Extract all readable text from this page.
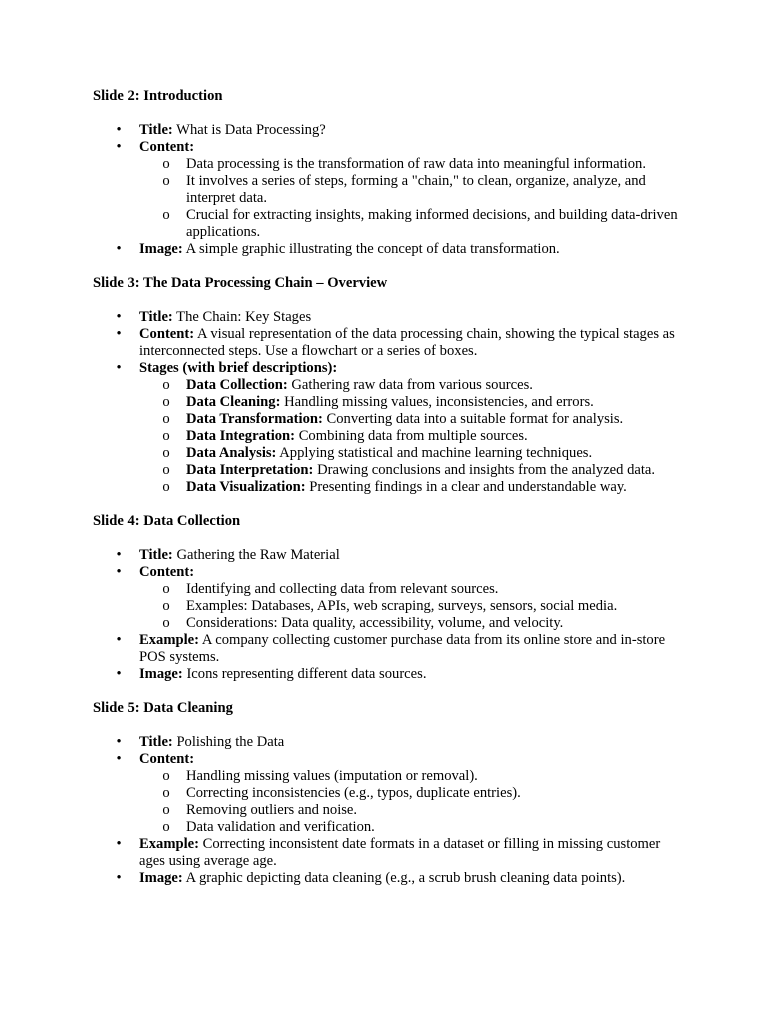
Slide 2: Introduction
• Title: What is Data Processing?
• Content:
o Data processing is the transformation of raw data into meaningful information.
o It involves a series of steps, forming a "chain," to clean, organize, analyze, and interpret data.
o Crucial for extracting insights, making informed decisions, and building data-driven applications.
• Image: A simple graphic illustrating the concept of data transformation.
Slide 3: The Data Processing Chain – Overview
• Title: The Chain: Key Stages
• Content: A visual representation of the data processing chain, showing the typical stages as interconnected steps. Use a flowchart or a series of boxes.
• Stages (with brief descriptions):
o Data Collection: Gathering raw data from various sources.
o Data Cleaning: Handling missing values, inconsistencies, and errors.
o Data Transformation: Converting data into a suitable format for analysis.
o Data Integration: Combining data from multiple sources.
o Data Analysis: Applying statistical and machine learning techniques.
o Data Interpretation: Drawing conclusions and insights from the analyzed data.
o Data Visualization: Presenting findings in a clear and understandable way.
Slide 4: Data Collection
• Title: Gathering the Raw Material
• Content:
o Identifying and collecting data from relevant sources.
o Examples: Databases, APIs, web scraping, surveys, sensors, social media.
o Considerations: Data quality, accessibility, volume, and velocity.
• Example: A company collecting customer purchase data from its online store and in-store POS systems.
• Image: Icons representing different data sources.
Slide 5: Data Cleaning
• Title: Polishing the Data
• Content:
o Handling missing values (imputation or removal).
o Correcting inconsistencies (e.g., typos, duplicate entries).
o Removing outliers and noise.
o Data validation and verification.
• Example: Correcting inconsistent date formats in a dataset or filling in missing customer ages using average age.
• Image: A graphic depicting data cleaning (e.g., a scrub brush cleaning data points).
